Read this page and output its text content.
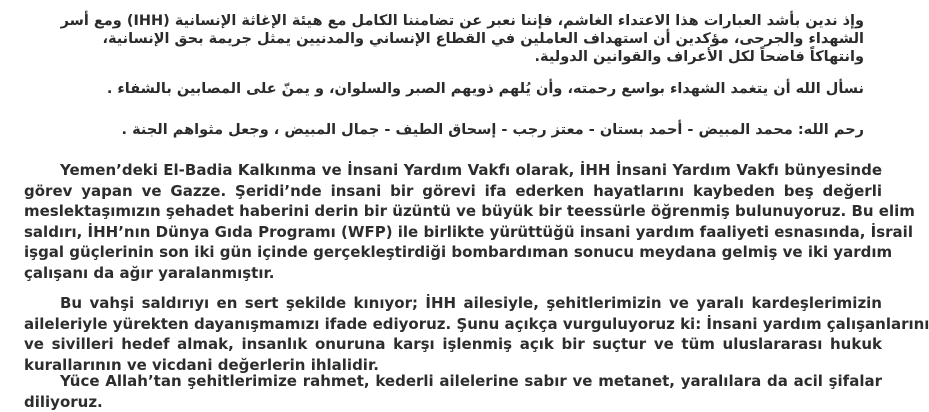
وإذ ندين بأشد العبارات هذا الاعتداء الغاشم، فإننا نعبر عن تضامننا الكامل مع هيئة الإغاثة الإنسانية (IHH) ومع أسر
الشهداء والجرحى، مؤكدين أن استهداف العاملين في القطاع الإنساني والمدنيين يمثل جريمة بحق الإنسانية،
وانتهاكاً فاضحاً لكل الأعراف والقوانين الدولية.
نسأل الله أن يتغمد الشهداء بواسع رحمته، وأن يُلهم ذويهم الصبر والسلوان، و يمنّ على المصابين بالشفاء .
رحم الله: محمد المبيض - أحمد بستان - معتز رجب - إسحاق الطيف - جمال المبيض ، وجعل مثواهم الجنة .
Yemen’deki El-Badia Kalkınma ve İnsani Yardım Vakfı olarak, İHH İnsani Yardım Vakfı bünyesinde
görev yapan ve Gazze. Şeridi’nde insani bir görevi ifa ederken hayatlarını kaybeden beş değerli
meslektaşımızın şehadet haberini derin bir üzüntü ve büyük bir teessürle öğrenmiş bulunuyoruz. Bu elim
saldırı, İHH’nın Dünya Gıda Programı (WFP) ile birlikte yürüttüğü insani yardım faaliyeti esnasında, İsrail
işgal güçlerinin son iki gün içinde gerçekleştirdiği bombardıman sonucu meydana gelmiş ve iki yardım
çalışanı da ağır yaralanmıştır.
Bu vahşi saldırıyı en sert şekilde kınıyor; İHH ailesiyle, şehitlerimizin ve yaralı kardeşlerimizin
aileleriyle yürekten dayanışmamızı ifade ediyoruz. Şunu açıkça vurguluyoruz ki: İnsani yardım çalışanlarını
ve sivilleri hedef almak, insanlık onuruna karşı işlenmiş açık bir suçtur ve tüm uluslararası hukuk
kurallarının ve vicdani değerlerin ihlalidir.
Yüce Allah’tan şehitlerimize rahmet, kederli ailelerine sabır ve metanet, yaralılara da acil şifalar
diliyoruz.
